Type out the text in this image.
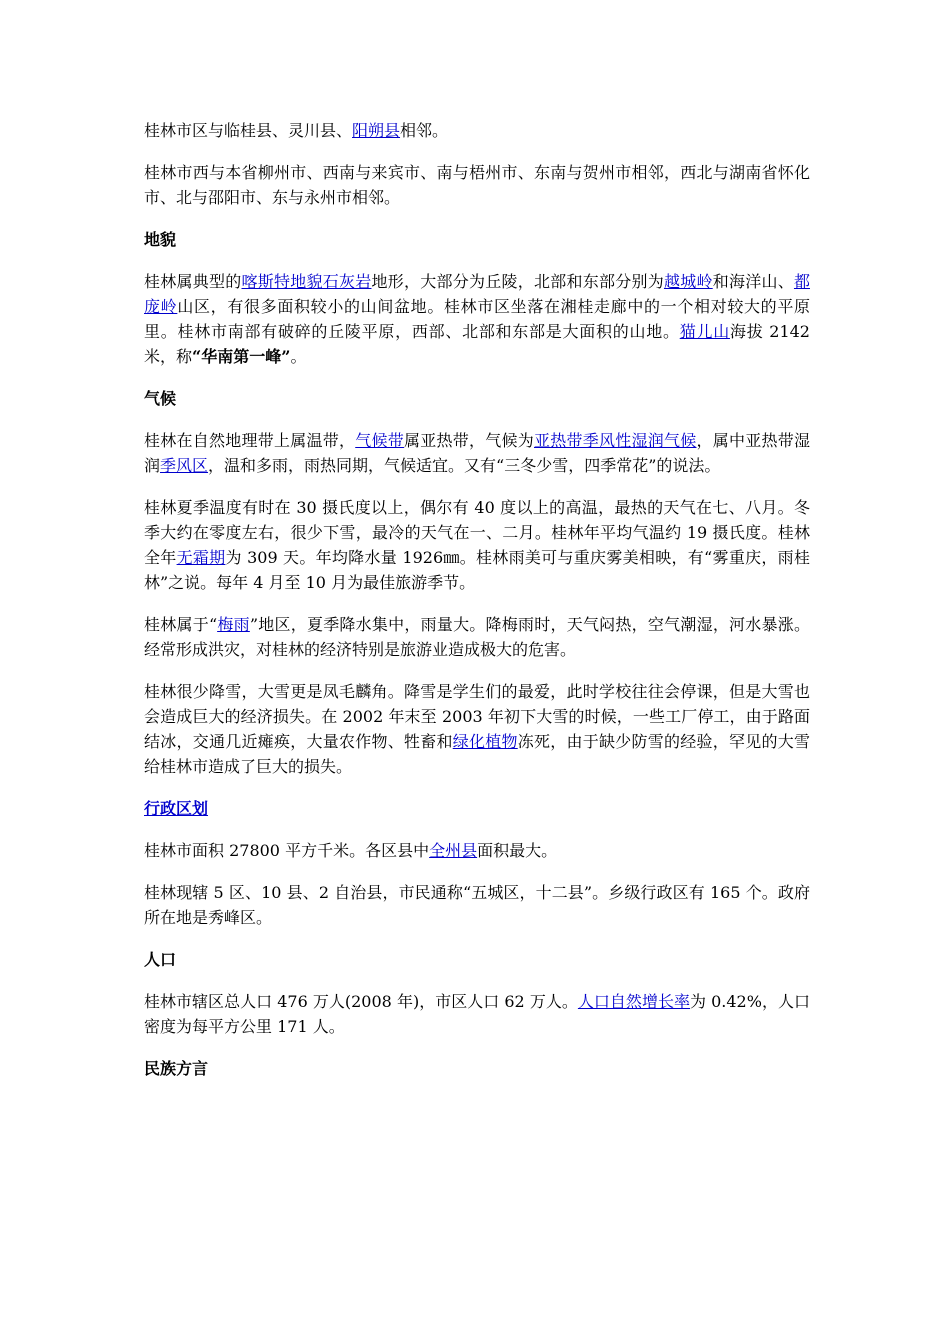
桂林市区与临桂县、灵川县、阳朔县相邻。

桂林市西与本省柳州市、西南与来宾市、南与梧州市、东南与贺州市相邻，西北与湖南省怀化市、北与邵阳市、东与永州市相邻。

地貌

桂林属典型的喀斯特地貌石灰岩地形，大部分为丘陵，北部和东部分别为越城岭和海洋山、都庞岭山区，有很多面积较小的山间盆地。桂林市区坐落在湘桂走廊中的一个相对较大的平原里。桂林市南部有破碎的丘陵平原，西部、北部和东部是大面积的山地。猫儿山海拔 2142 米，称“华南第一峰”。

气候

桂林在自然地理带上属温带，气候带属亚热带，气候为亚热带季风性湿润气候，属中亚热带湿润季风区，温和多雨，雨热同期，气候适宜。又有“三冬少雪，四季常花”的说法。

桂林夏季温度有时在 30 摄氏度以上，偶尔有 40 度以上的高温，最热的天气在七、八月。冬季大约在零度左右，很少下雪，最冷的天气在一、二月。桂林年平均气温约 19 摄氏度。桂林全年无霜期为 309 天。年均降水量 1926㎜。桂林雨美可与重庆雾美相映，有“雾重庆，雨桂林”之说。每年 4 月至 10 月为最佳旅游季节。

桂林属于“梅雨”地区，夏季降水集中，雨量大。降梅雨时，天气闷热，空气潮湿，河水暴涨。经常形成洪灾，对桂林的经济特别是旅游业造成极大的危害。

桂林很少降雪，大雪更是凤毛麟角。降雪是学生们的最爱，此时学校往往会停课，但是大雪也会造成巨大的经济损失。在 2002 年末至 2003 年初下大雪的时候，一些工厂停工，由于路面结冰，交通几近瘫痪，大量农作物、牲畜和绿化植物冻死，由于缺少防雪的经验，罕见的大雪给桂林市造成了巨大的损失。

行政区划

桂林市面积 27800 平方千米。各区县中全州县面积最大。

桂林现辖 5 区、10 县、2 自治县，市民通称“五城区，十二县”。乡级行政区有 165 个。政府所在地是秀峰区。

人口

桂林市辖区总人口 476 万人(2008 年)，市区人口 62 万人。人口自然增长率为 0.42%，人口密度为每平方公里 171 人。

民族方言
